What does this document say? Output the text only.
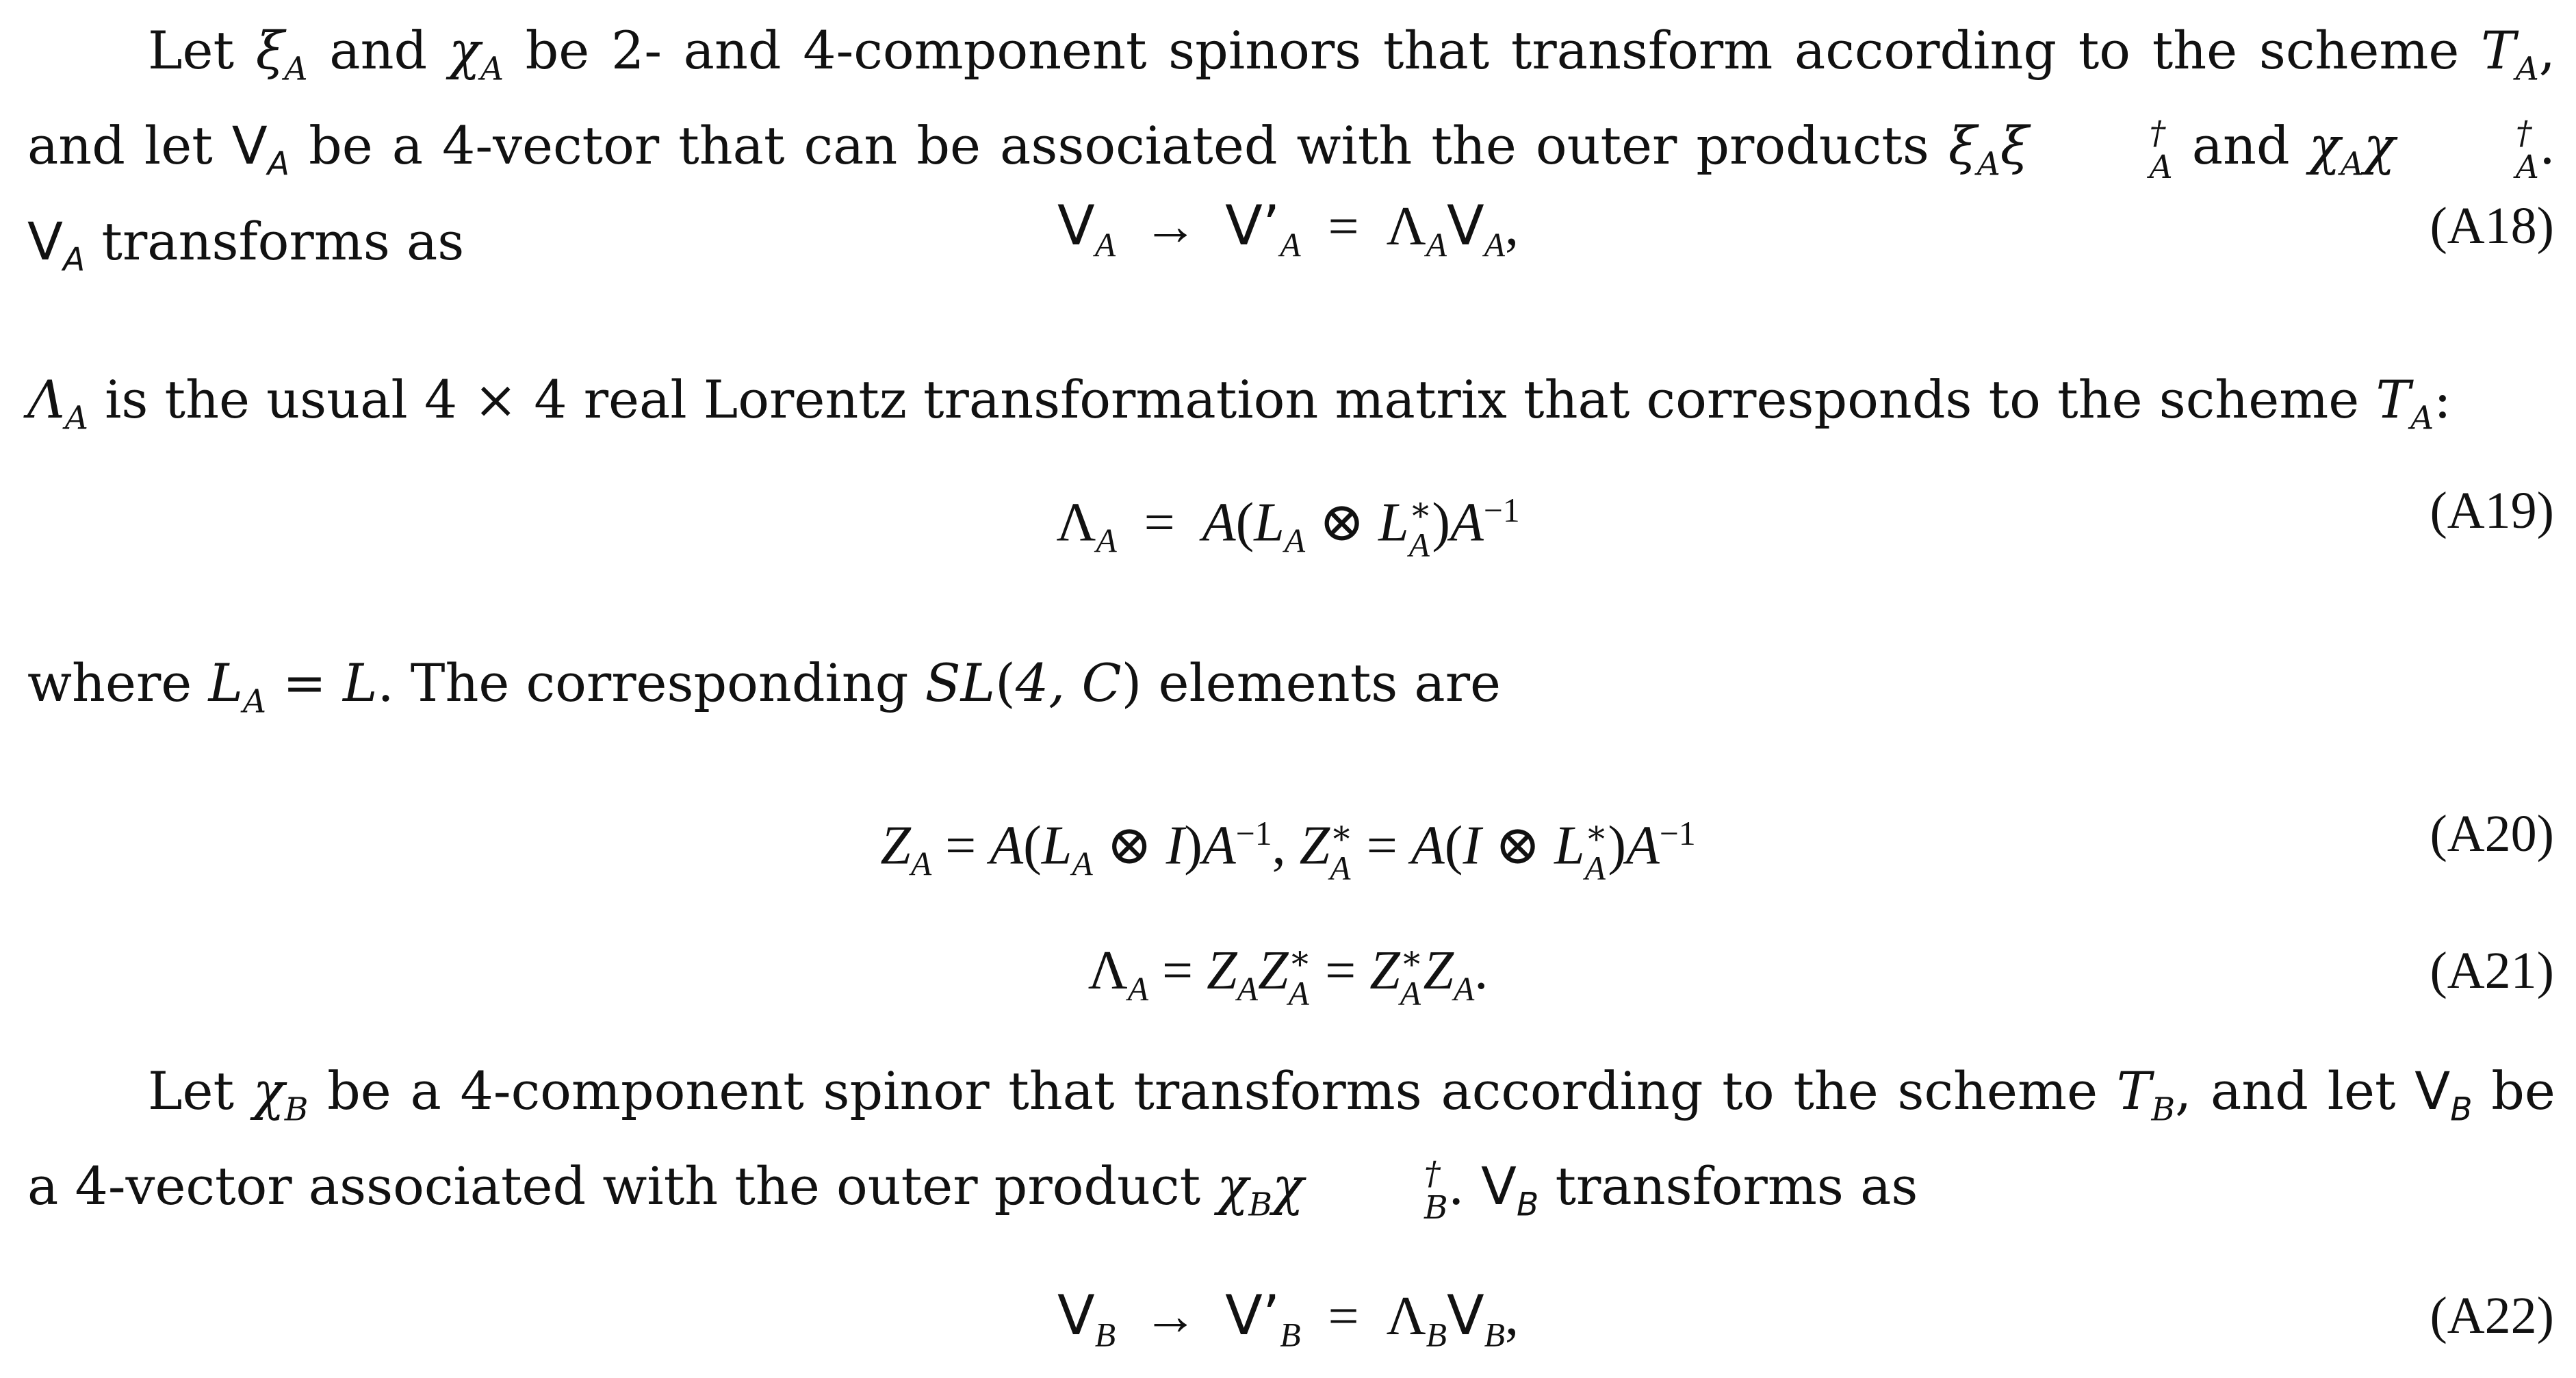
Let $\xi_A$ and $\chi_A$ be 2- and 4-component spinors that transform according to the scheme $T_A$, and let $V_A$ be a 4-vector that can be associated with the outer products $\xi_A\xi$	†
A and $\chi_A\chi$	†
A . $V_A$ transforms as	$V_A$  →  $V’_A = \Lambda_AV_A$,	(A18)

$\Lambda_A$ is the usual 4 × 4 real Lorentz transformation matrix that corresponds to the scheme $T_A$:

$\Lambda_A = A(L_A$ ⊗ L ∗
A )$A^{-1}$	(A19)

where $L_A = L$. The corresponding SL(4, C) elements are

$Z_A = A(L_A$ ⊗ $I)A^{-1}$, Z ∗
A = A(I ⊗ L ∗
A )$A^{-1}$	(A20)
$\Lambda_A = Z_AZ$ ∗
A = Z ∗
A $Z_A$.	(A21)

Let $\chi_B$ be a 4-component spinor that transforms according to the scheme $T_B$, and let $V_B$ be a 4-vector associated with the outer product $\chi_B\chi$	†
B . $V_B$ transforms as

$V_B$  →  $V’_B = \Lambda_BV_B$,	(A22)
